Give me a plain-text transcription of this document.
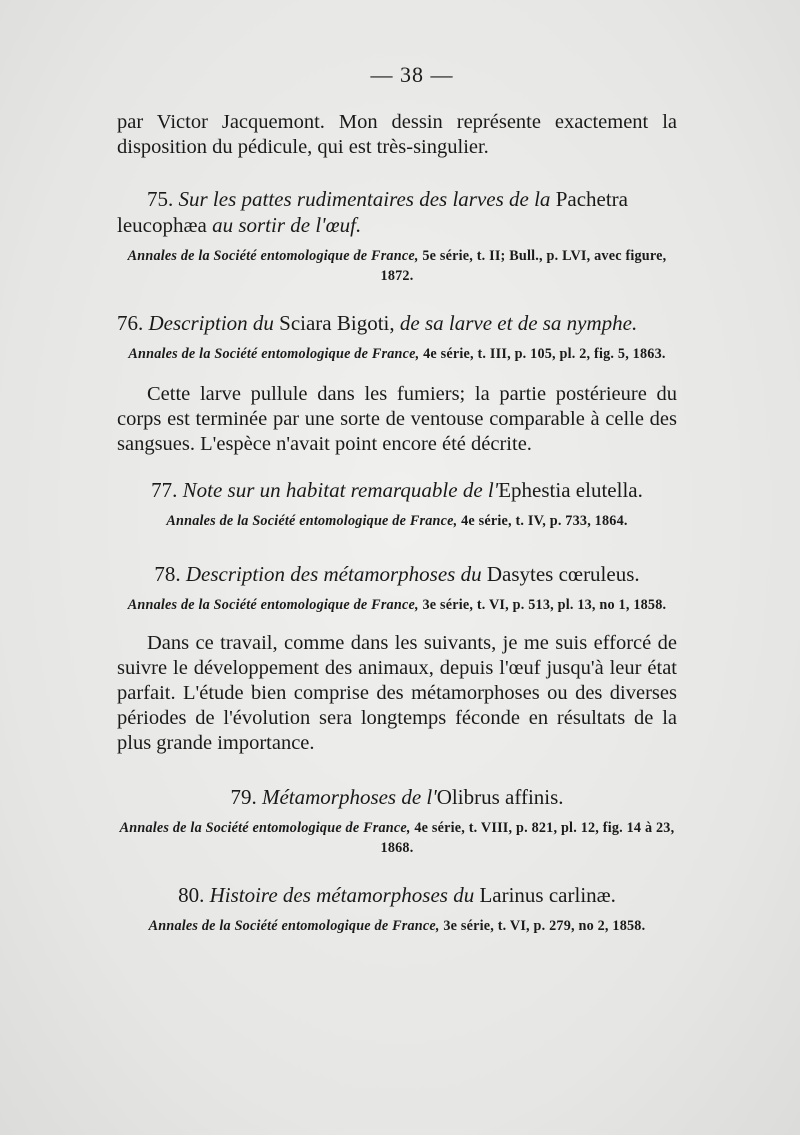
— 38 —

par Victor Jacquemont. Mon dessin représente exactement la disposition du pédicule, qui est très-singulier.

75. Sur les pattes rudimentaires des larves de la Pachetra leucophæa au sortir de l'œuf.

Annales de la Société entomologique de France, 5e série, t. II; Bull., p. LVI, avec figure, 1872.

76. Description du Sciara Bigoti, de sa larve et de sa nymphe.

Annales de la Société entomologique de France, 4e série, t. III, p. 105, pl. 2, fig. 5, 1863.

Cette larve pullule dans les fumiers; la partie postérieure du corps est terminée par une sorte de ventouse comparable à celle des sangsues. L'espèce n'avait point encore été décrite.

77. Note sur un habitat remarquable de l'Ephestia elutella.

Annales de la Société entomologique de France, 4e série, t. IV, p. 733, 1864.

78. Description des métamorphoses du Dasytes cœruleus.

Annales de la Société entomologique de France, 3e série, t. VI, p. 513, pl. 13, no 1, 1858.

Dans ce travail, comme dans les suivants, je me suis efforcé de suivre le développement des animaux, depuis l'œuf jusqu'à leur état parfait. L'étude bien comprise des métamorphoses ou des diverses périodes de l'évolution sera longtemps féconde en résultats de la plus grande importance.

79. Métamorphoses de l'Olibrus affinis.

Annales de la Société entomologique de France, 4e série, t. VIII, p. 821, pl. 12, fig. 14 à 23, 1868.

80. Histoire des métamorphoses du Larinus carlinæ.

Annales de la Société entomologique de France, 3e série, t. VI, p. 279, no 2, 1858.
